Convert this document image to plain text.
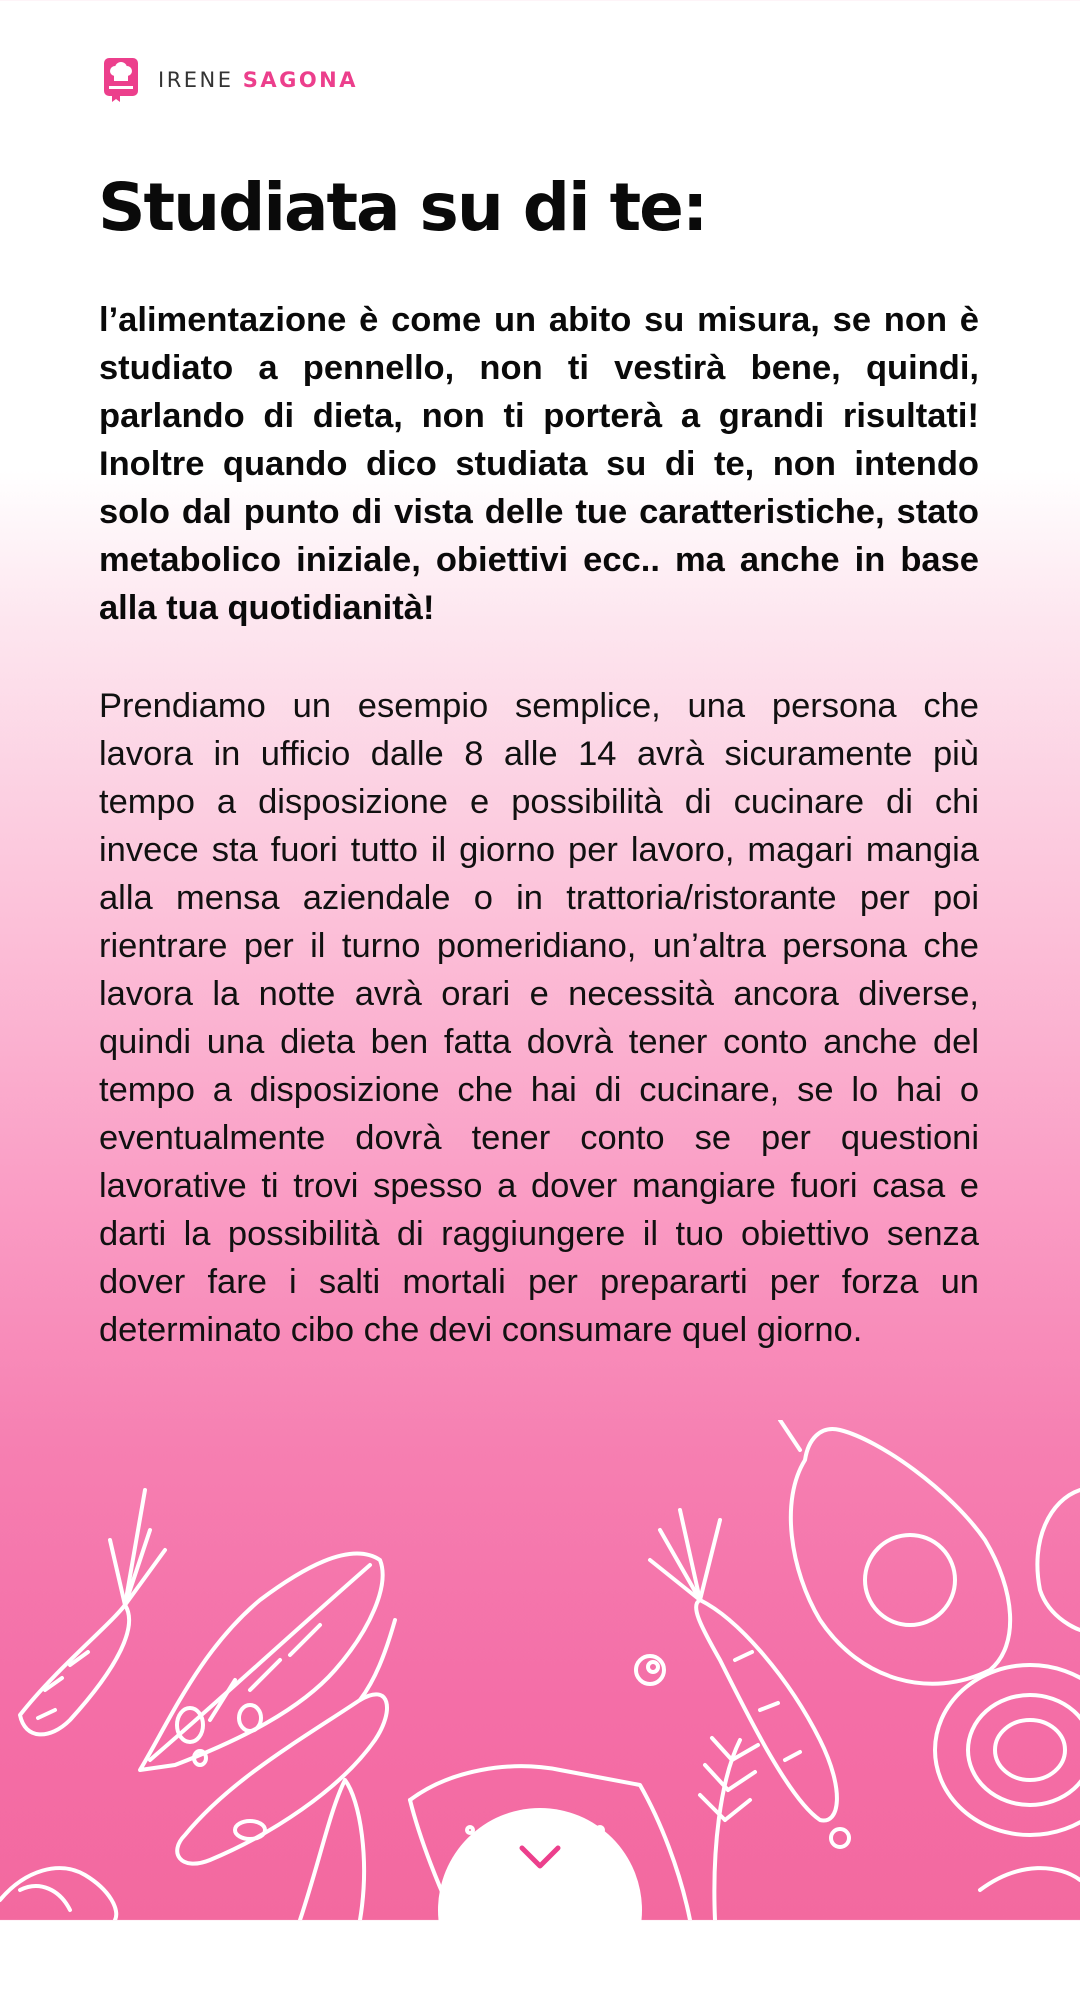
IRENE SAGONA
Studiata su di te:

l’alimentazione è come un abito su misura, se non è studiato a pennello, non ti vestirà bene, quindi, parlando di dieta, non ti porterà a grandi risultati! Inoltre quando dico studiata su di te, non intendo solo dal punto di vista delle tue caratteristiche, stato metabolico iniziale, obiettivi ecc.. ma anche in base alla tua quotidianità!

Prendiamo un esempio semplice, una persona che lavora in ufficio dalle 8 alle 14 avrà sicuramente più tempo a disposizione e possibilità di cucinare di chi invece sta fuori tutto il giorno per lavoro, magari mangia alla mensa aziendale o in trattoria/ristorante per poi rientrare per il turno pomeridiano, un’altra persona che lavora la notte avrà orari e necessità ancora diverse, quindi una dieta ben fatta dovrà tener conto anche del tempo a disposizione che hai di cucinare, se lo hai o eventualmente dovrà tener conto se per questioni lavorative ti trovi spesso a dover mangiare fuori casa e darti la possibilità di raggiungere il tuo obiettivo senza dover fare i salti mortali per prepararti per forza un determinato cibo che devi consumare quel giorno.
